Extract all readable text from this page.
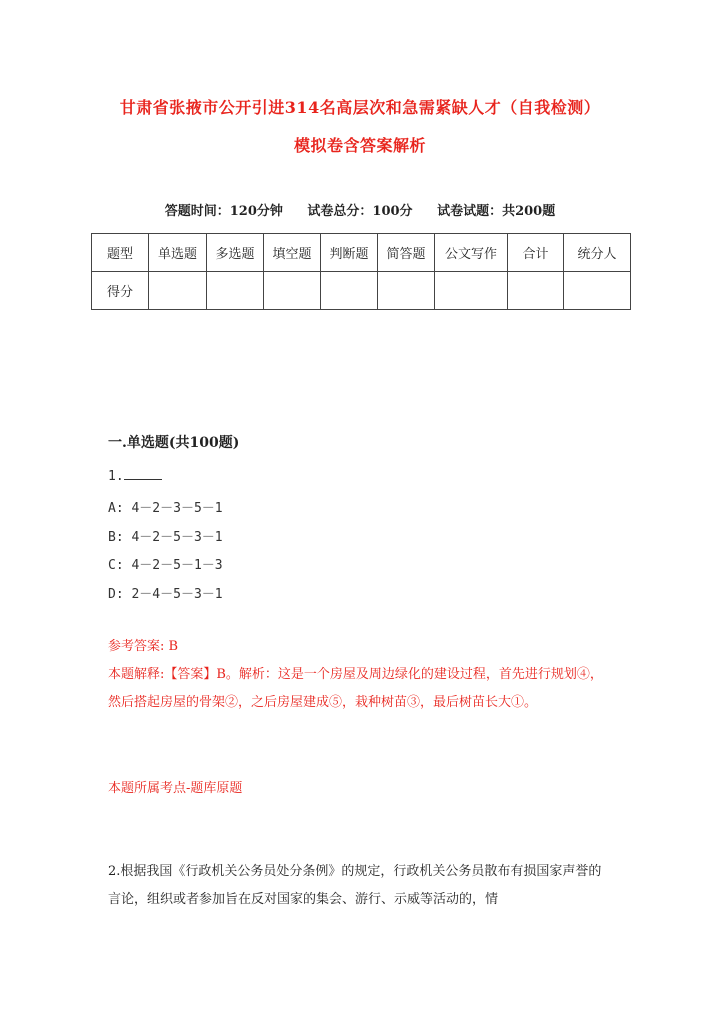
甘肃省张掖市公开引进314名高层次和急需紧缺人才（自我检测）
模拟卷含答案解析
答题时间：120分钟 试卷总分：100分 试卷试题：共200题
题型	单选题	多选题	填空题	判断题	简答题	公文写作	合计	统分人
得分								
一.单选题(共100题)
1.
A: 4－2－3－5－1
B: 4－2－5－3－1
C: 4－2－5－1－3
D: 2－4－5－3－1
参考答案: B
本题解释:【答案】B。解析：这是一个房屋及周边绿化的建设过程，首先进行规划④，然后搭起房屋的骨架②，之后房屋建成⑤，栽种树苗③，最后树苗长大①。
本题所属考点-题库原题
2.根据我国《行政机关公务员处分条例》的规定，行政机关公务员散布有损国家声誉的言论，组织或者参加旨在反对国家的集会、游行、示威等活动的，情
